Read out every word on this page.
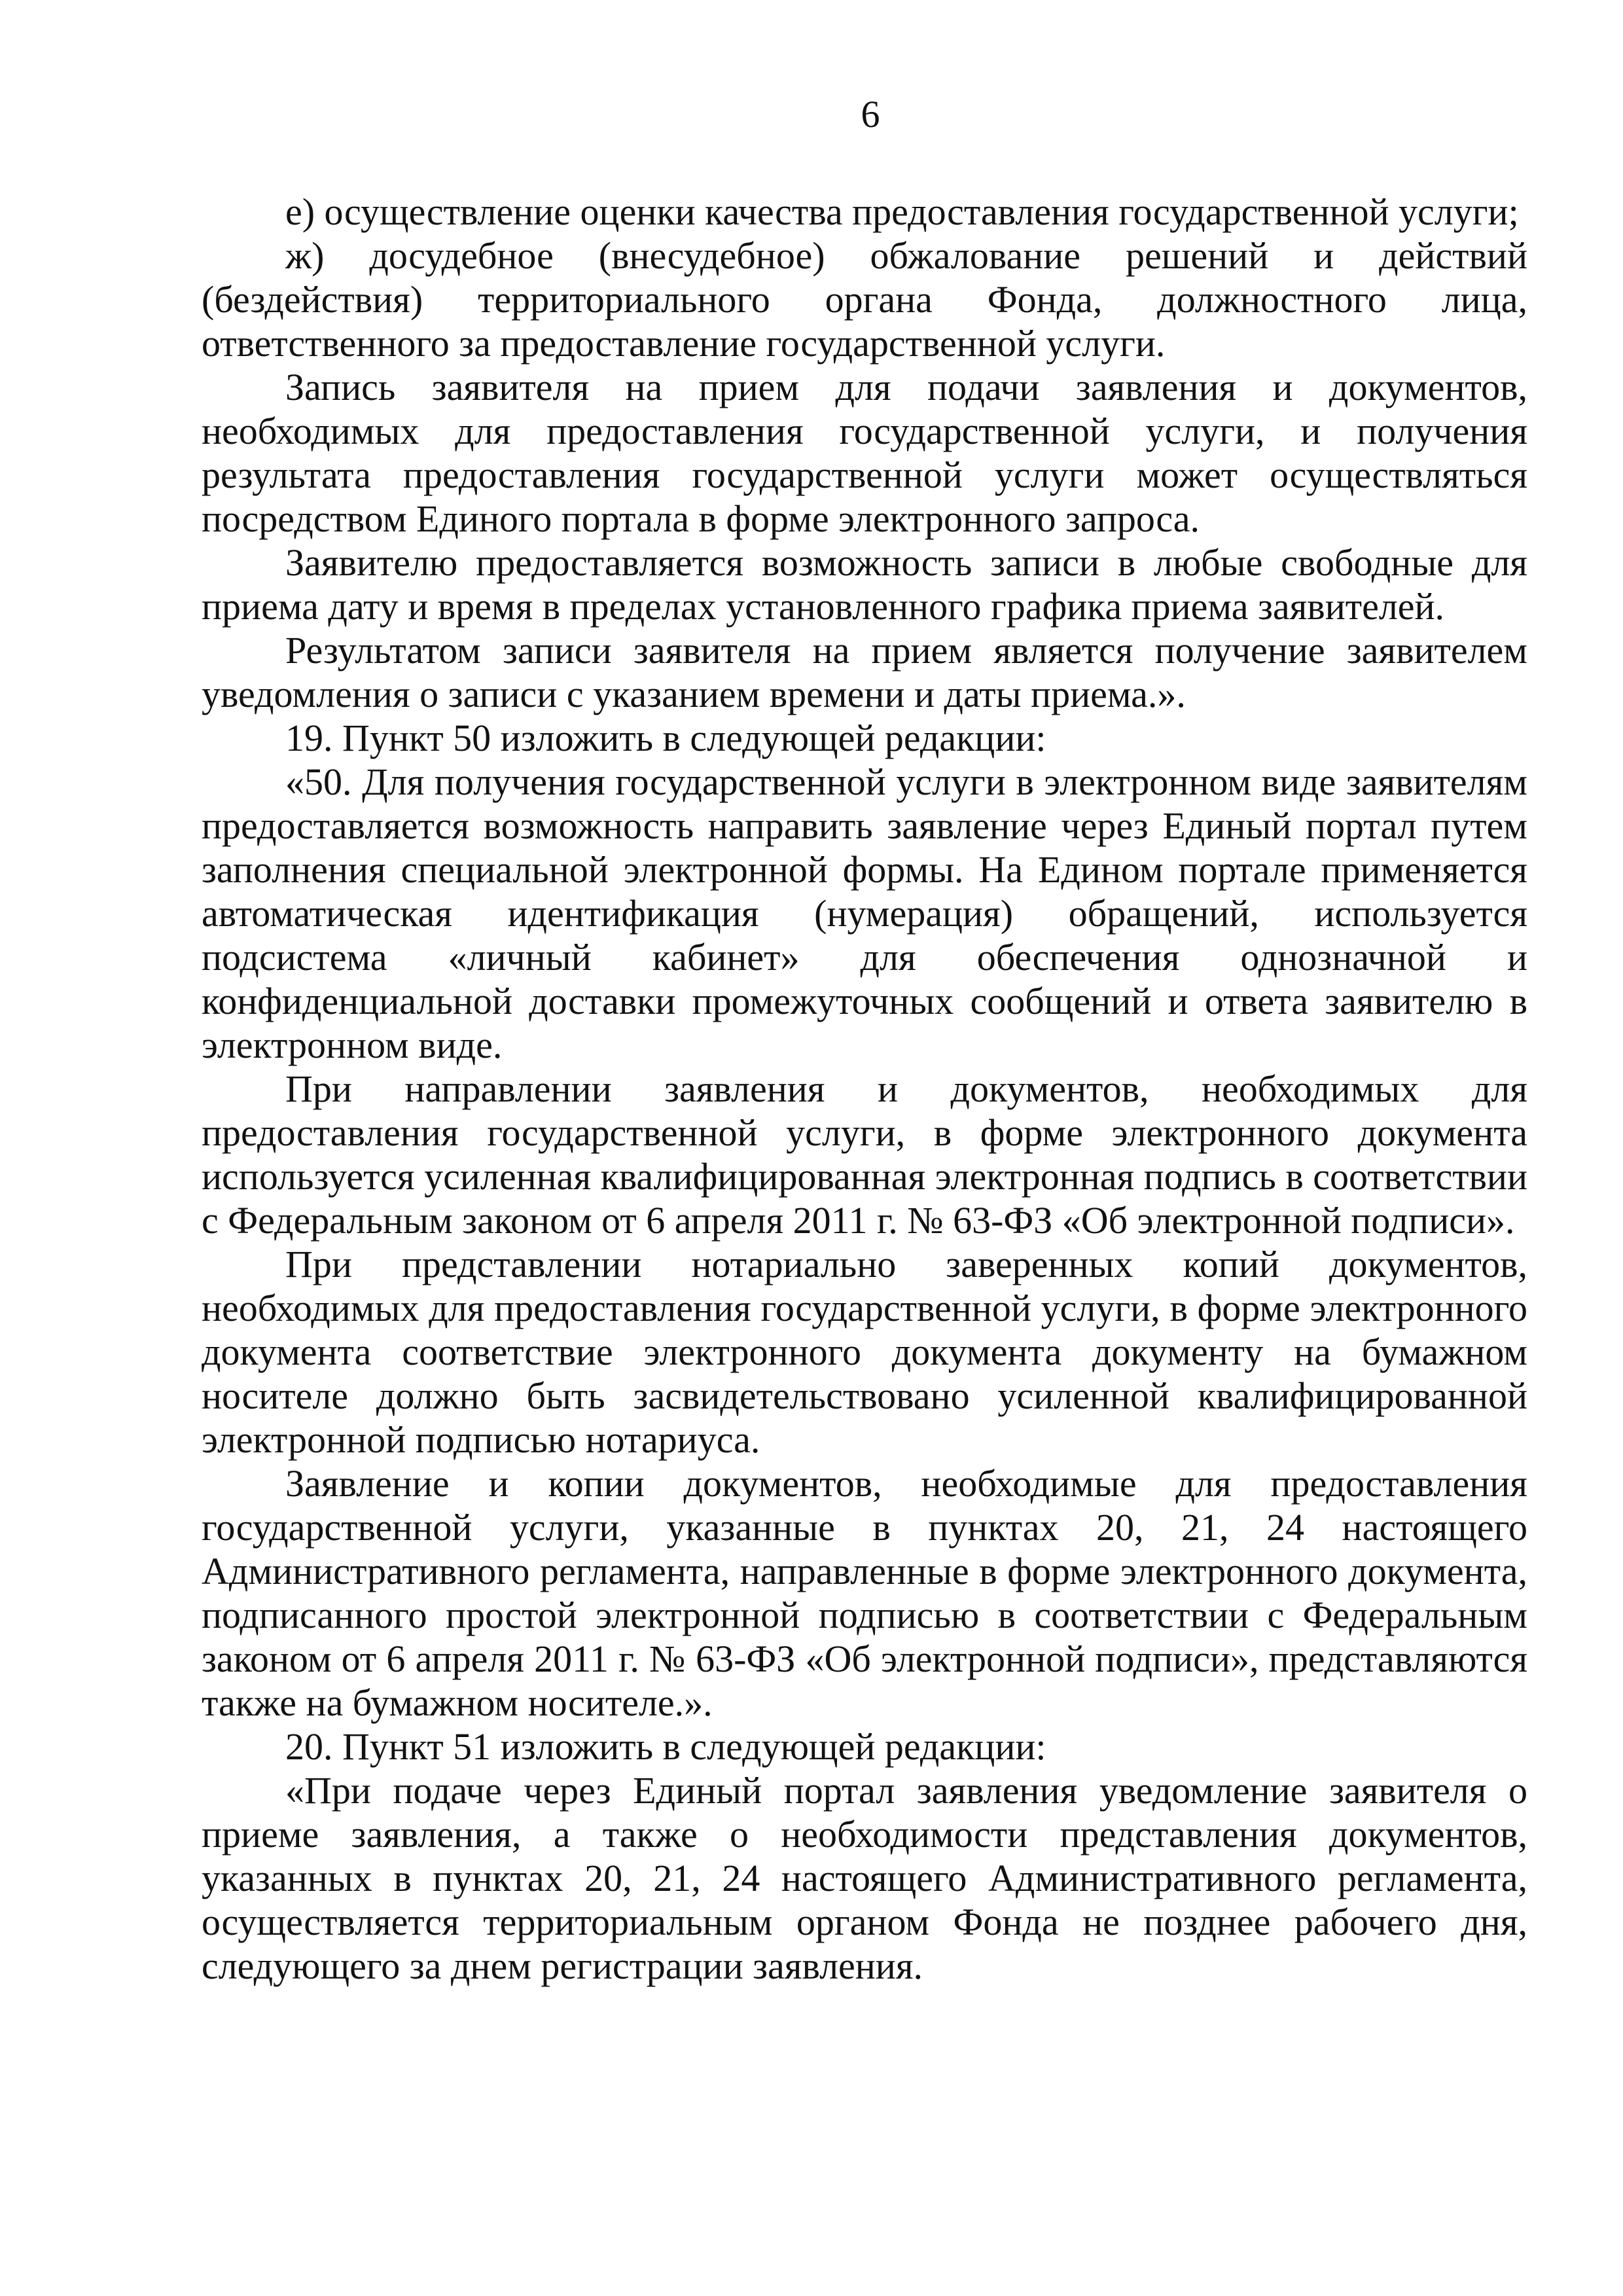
6

е) осуществление оценки качества предоставления государственной услуги;

ж) досудебное (внесудебное) обжалование решений и действий (бездействия) территориального органа Фонда, должностного лица, ответственного за предоставление государственной услуги.

Запись заявителя на прием для подачи заявления и документов, необходимых для предоставления государственной услуги, и получения результата предоставления государственной услуги может осуществляться посредством Единого портала в форме электронного запроса.

Заявителю предоставляется возможность записи в любые свободные для приема дату и время в пределах установленного графика приема заявителей.

Результатом записи заявителя на прием является получение заявителем уведомления о записи с указанием времени и даты приема.».

19. Пункт 50 изложить в следующей редакции:

«50. Для получения государственной услуги в электронном виде заявителям предоставляется возможность направить заявление через Единый портал путем заполнения специальной электронной формы. На Едином портале применяется автоматическая идентификация (нумерация) обращений, используется подсистема «личный кабинет» для обеспечения однозначной и конфиденциальной доставки промежуточных сообщений и ответа заявителю в электронном виде.

При направлении заявления и документов, необходимых для предоставления государственной услуги, в форме электронного документа используется усиленная квалифицированная электронная подпись в соответствии с Федеральным законом от 6 апреля 2011 г. № 63-ФЗ «Об электронной подписи».

При представлении нотариально заверенных копий документов, необходимых для предоставления государственной услуги, в форме электронного документа соответствие электронного документа документу на бумажном носителе должно быть засвидетельствовано усиленной квалифицированной электронной подписью нотариуса.

Заявление и копии документов, необходимые для предоставления государственной услуги, указанные в пунктах 20, 21, 24 настоящего Административного регламента, направленные в форме электронного документа, подписанного простой электронной подписью в соответствии с Федеральным законом от 6 апреля 2011 г. № 63-ФЗ «Об электронной подписи», представляются также на бумажном носителе.».

20. Пункт 51 изложить в следующей редакции:

«При подаче через Единый портал заявления уведомление заявителя о приеме заявления, а также о необходимости представления документов, указанных в пунктах 20, 21, 24 настоящего Административного регламента, осуществляется территориальным органом Фонда не позднее рабочего дня, следующего за днем регистрации заявления.
